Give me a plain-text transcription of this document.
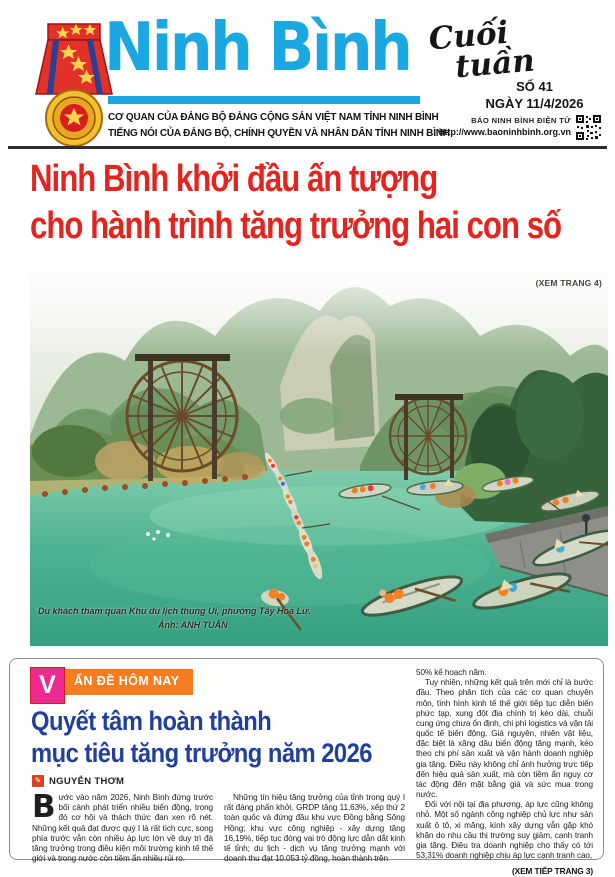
Ninh Bình
CƠ QUAN CỦA ĐẢNG BỘ ĐẢNG CỘNG SẢN VIỆT NAM TỈNH NINH BÌNH
TIẾNG NÓI CỦA ĐẢNG BỘ, CHÍNH QUYỀN VÀ NHÂN DÂN TỈNH NINH BÌNH
Cuối
tuần
SỐ 41
NGÀY 11/4/2026
BÁO NINH BÌNH ĐIỆN TỬ
http://www.baoninhbinh.org.vn
Ninh Bình khởi đầu ấn tượng
cho hành trình tăng trưởng hai con số
(XEM TRANG 4)
Du khách tham quan Khu du lịch thung Ui, phường Tây Hoa Lư.
Ảnh: ANH TUẤN
ẤN ĐỀ HÔM NAY
V
Quyết tâm hoàn thành
mục tiêu tăng trưởng năm 2026
✎ NGUYỄN THƠM

Bước vào năm 2026, Ninh Bình đứng trước bối cảnh phát triển nhiều biến động, trong đó cơ hội và thách thức đan xen rõ nét. Những kết quả đạt được quý I là rất tích cực, song phía trước vẫn còn nhiều áp lực lớn về duy trì đà tăng trưởng trong điều kiện môi trường kinh tế thế giới và trong nước còn tiềm ẩn nhiều rủi ro.

Những tín hiệu tăng trưởng của tỉnh trong quý I rất đáng phấn khởi. GRDP tăng 11,63%, xếp thứ 2 toàn quốc và đứng đầu khu vực Đồng bằng Sông Hồng; khu vực công nghiệp - xây dựng tăng 16,19%, tiếp tục đóng vai trò động lực dẫn dắt kinh tế tỉnh; du lịch - dịch vụ tăng trưởng mạnh với doanh thu đạt 10.053 tỷ đồng, hoàn thành trên

50% kế hoạch năm.

Tuy nhiên, những kết quả trên mới chỉ là bước đầu. Theo phân tích của các cơ quan chuyên môn, tình hình kinh tế thế giới tiếp tục diễn biến phức tạp, xung đột địa chính trị kéo dài, chuỗi cung ứng chưa ổn định, chi phí logistics và vận tải quốc tế biến động. Giá nguyên, nhiên vật liệu, đặc biệt là xăng dầu biến động tăng mạnh, kéo theo chi phí sản xuất và vận hành doanh nghiệp gia tăng. Điều này không chỉ ảnh hưởng trực tiếp đến hiệu quả sản xuất, mà còn tiềm ẩn nguy cơ tác động đến mặt bằng giá và sức mua trong nước.

Đối với nội tại địa phương, áp lực cũng không nhỏ. Một số ngành công nghiệp chủ lực như sản xuất ô tô, xi măng, kính xây dựng vẫn gặp khó khăn do nhu cầu thị trường suy giảm, cạnh tranh gia tăng. Điều tra doanh nghiệp cho thấy có tới 53,31% doanh nghiệp chịu áp lực cạnh tranh cao,

(XEM TIẾP TRANG 3)
